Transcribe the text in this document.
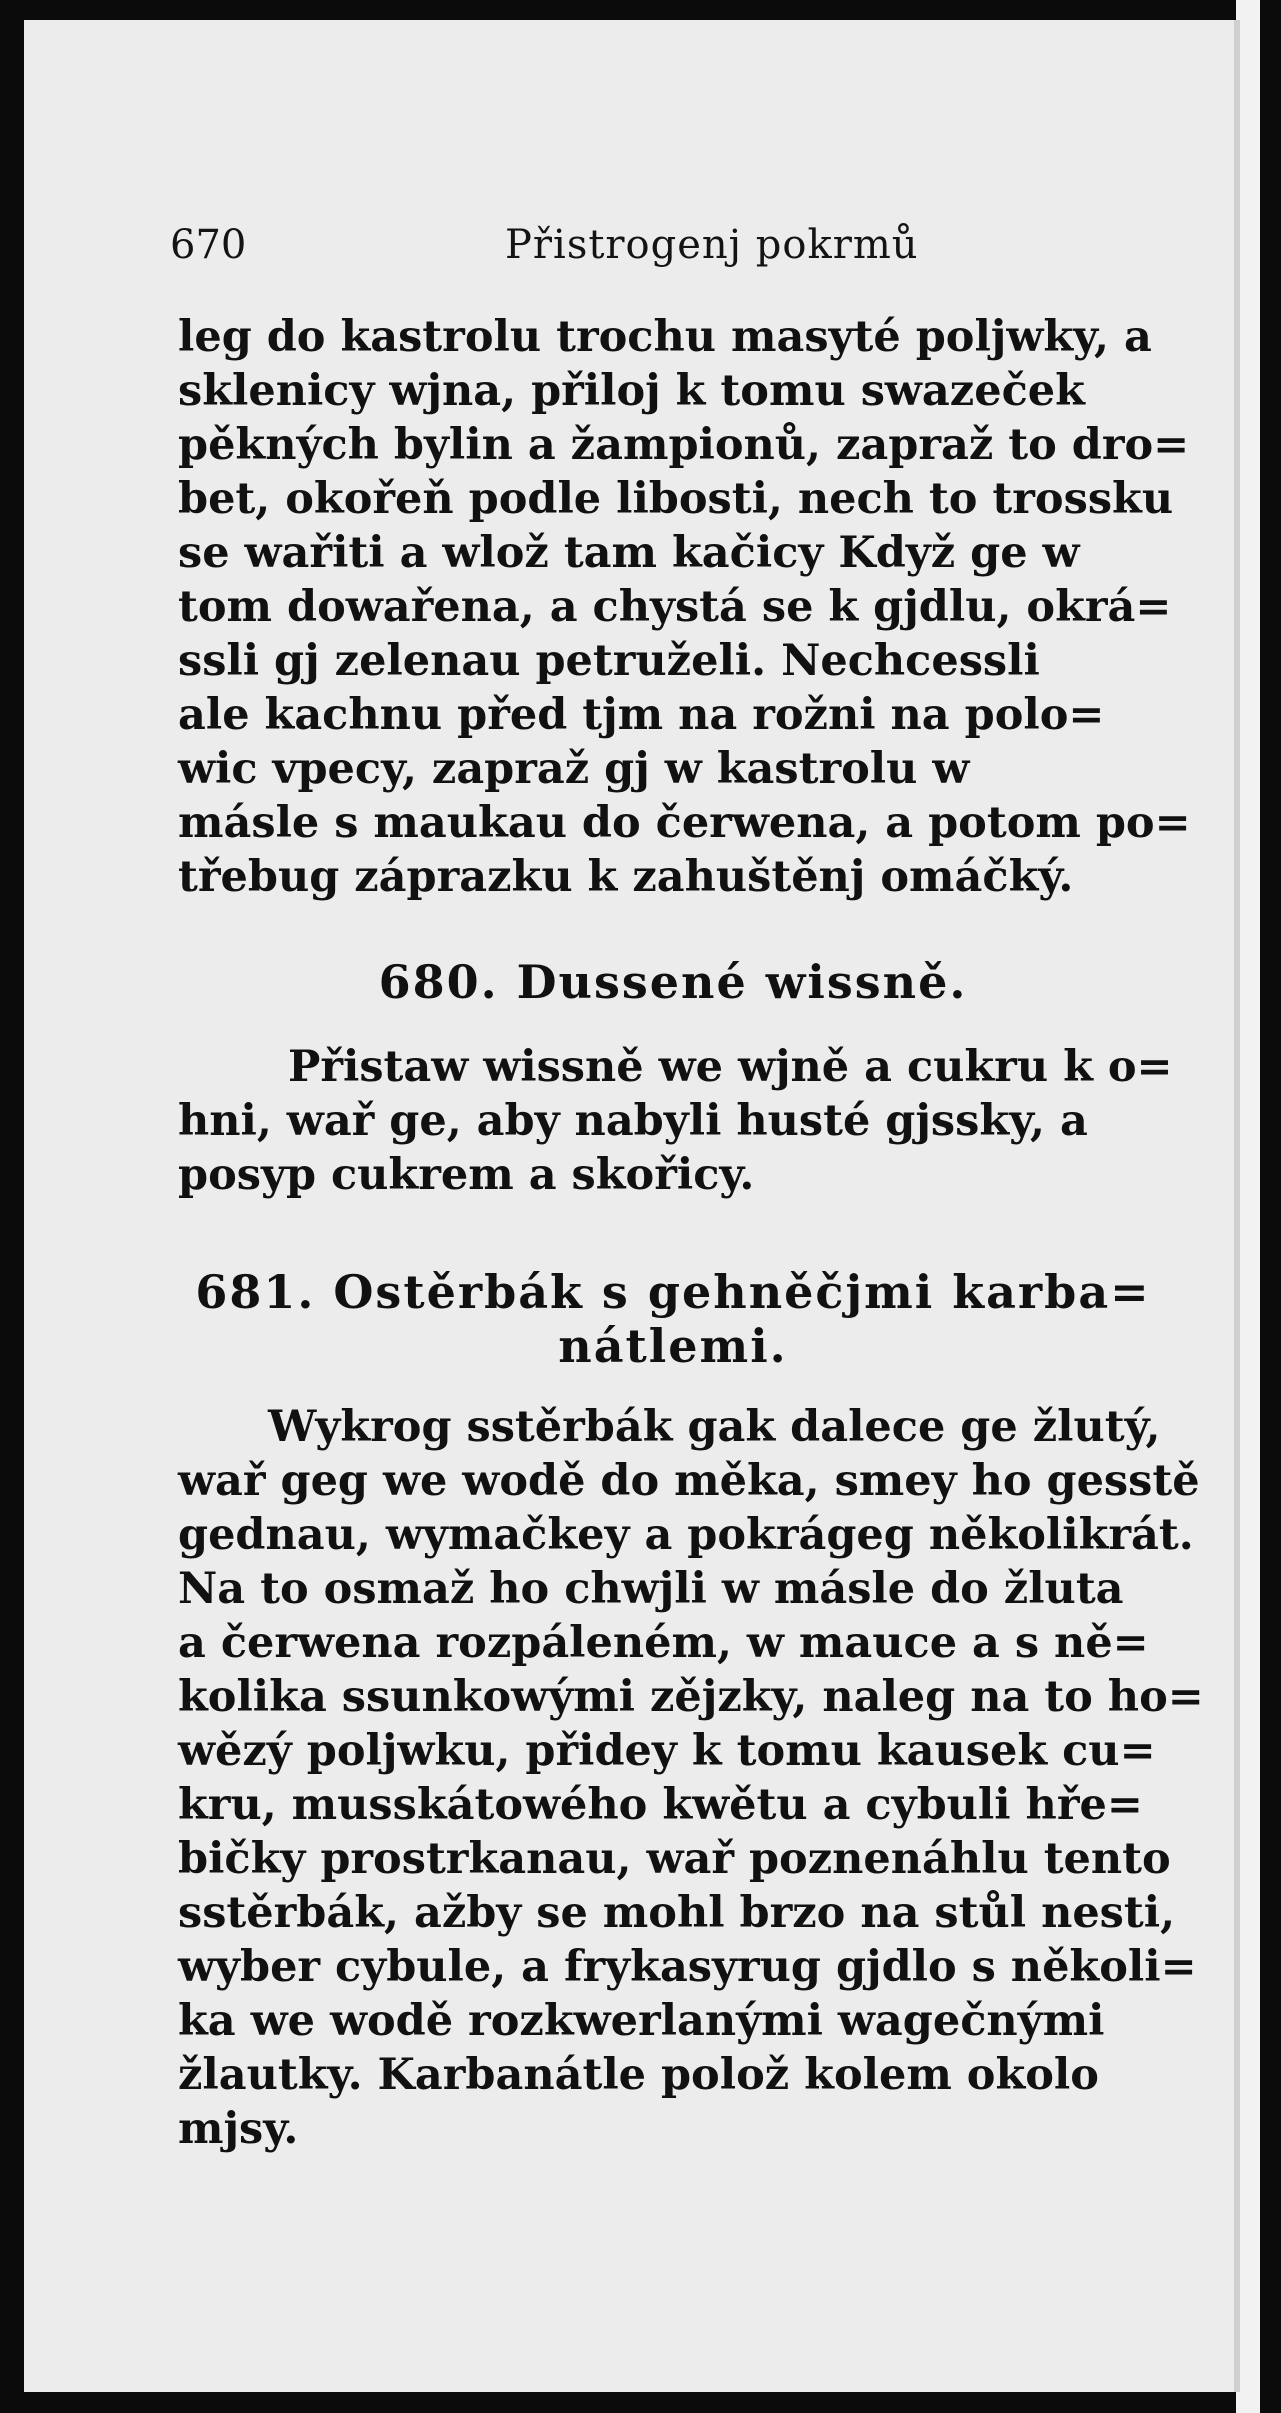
670	Přistrogenj pokrmů

leg do kastrolu trochu masyté poljwky, a
sklenicy wjna, přiloj k tomu swazeček
pěkných bylin a žampionů, zapraž to dro=
bet, okořeň podle libosti, nech to trossku
se wařiti a wlož tam kačicy Když ge w
tom dowařena, a chystá se k gjdlu, okrá=
ssli gj zelenau petruželi. Nechcessli
ale kachnu před tjm na rožni na polo=
wic vpecy, zapraž gj w kastrolu w
másle s maukau do čerwena, a potom po=
třebug záprazku k zahuštěnj omáčký.

680. Dussené wissně.

Přistaw wissně we wjně a cukru k o=
hni, wař ge, aby nabyli husté gjssky, a
posyp cukrem a skořicy.

681. Ostěrbák s gehněčjmi karba=
nátlemi.

Wykrog sstěrbák gak dalece ge žlutý,
wař geg we wodě do měka, smey ho gesstě
gednau, wymačkey a pokrágeg několikrát.
Na to osmaž ho chwjli w másle do žluta
a čerwena rozpáleném, w mauce a s ně=
kolika ssunkowými zějzky, naleg na to ho=
wězý poljwku, přidey k tomu kausek cu=
kru, musskátowého kwětu a cybuli hře=
bičky prostrkanau, wař poznenáhlu tento
sstěrbák, ažby se mohl brzo na stůl nesti,
wyber cybule, a frykasyrug gjdlo s několi=
ka we wodě rozkwerlanými wagečnými
žlautky. Karbanátle polož kolem okolo
mjsy.
